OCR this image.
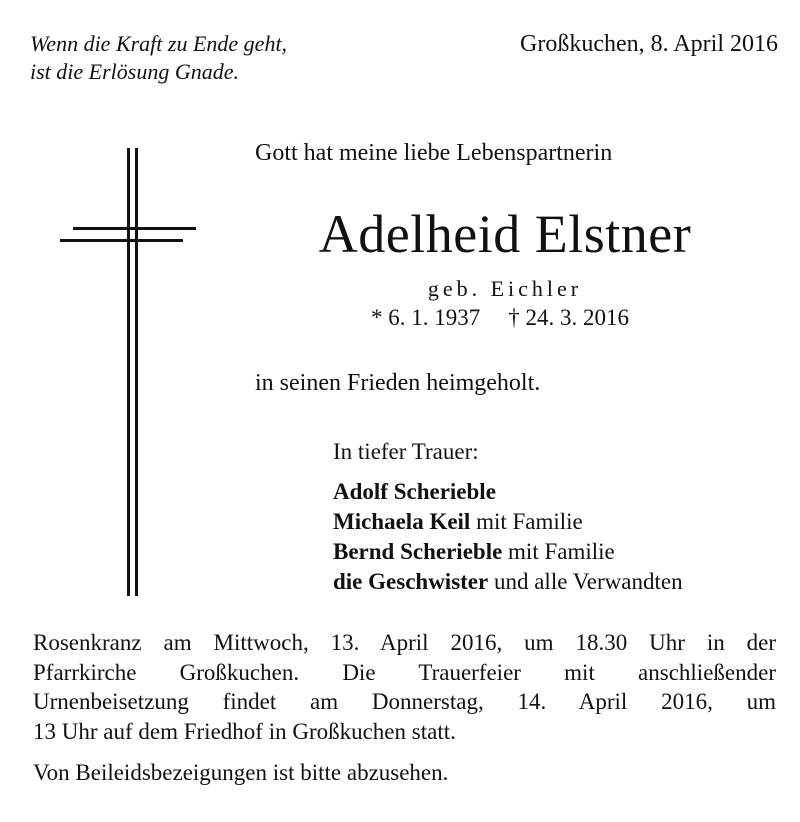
Wenn die Kraft zu Ende geht,
ist die Erlösung Gnade.
Großkuchen, 8. April 2016
Gott hat meine liebe Lebenspartnerin
Adelheid Elstner
geb. Eichler
* 6. 1. 1937 † 24. 3. 2016
in seinen Frieden heimgeholt.
In tiefer Trauer:
Adolf Scherieble
Michaela Keil mit Familie
Bernd Scherieble mit Familie
die Geschwister und alle Verwandten
Rosenkranz am Mittwoch, 13. April 2016, um 18.30 Uhr in der
Pfarrkirche Großkuchen. Die Trauerfeier mit anschließender
Urnenbeisetzung findet am Donnerstag, 14. April 2016, um
13 Uhr auf dem Friedhof in Großkuchen statt.
Von Beileidsbezeigungen ist bitte abzusehen.
